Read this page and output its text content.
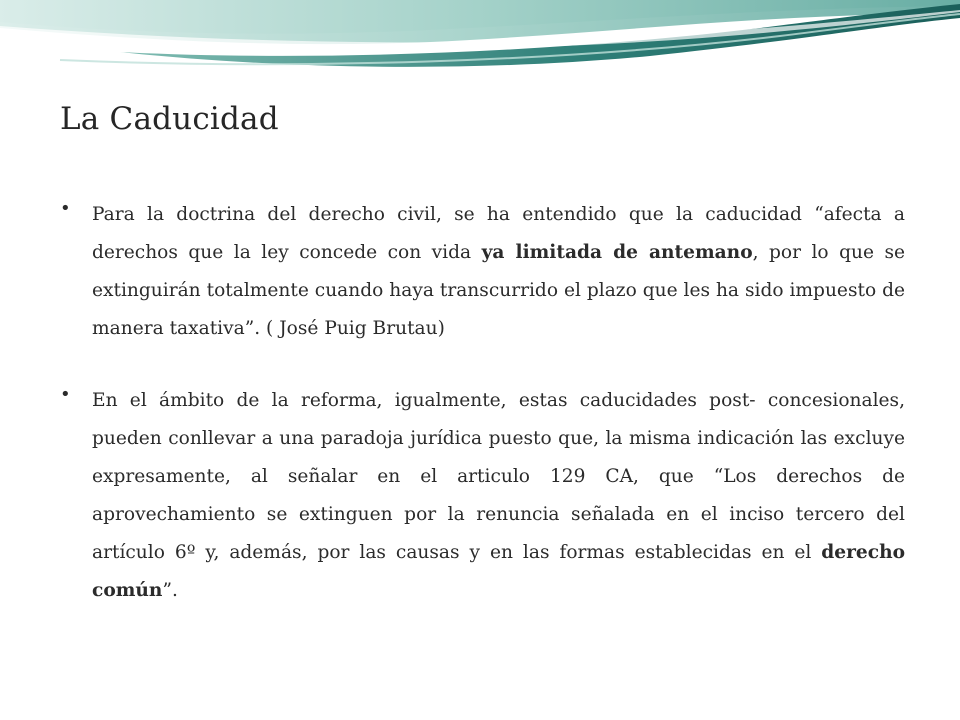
La Caducidad
• Para la doctrina del derecho civil, se ha entendido que la caducidad “afecta a derechos que la ley concede con vida ya limitada de antemano, por lo que se extinguirán totalmente cuando haya transcurrido el plazo que les ha sido impuesto de manera taxativa”. ( José Puig Brutau)

• En el ámbito de la reforma, igualmente, estas caducidades post- concesionales, pueden conllevar a una paradoja jurídica puesto que, la misma indicación las excluye expresamente, al señalar en el articulo 129 CA, que “Los derechos de aprovechamiento se extinguen por la renuncia señalada en el inciso tercero del artículo 6º y, además, por las causas y en las formas establecidas en el derecho común”.
